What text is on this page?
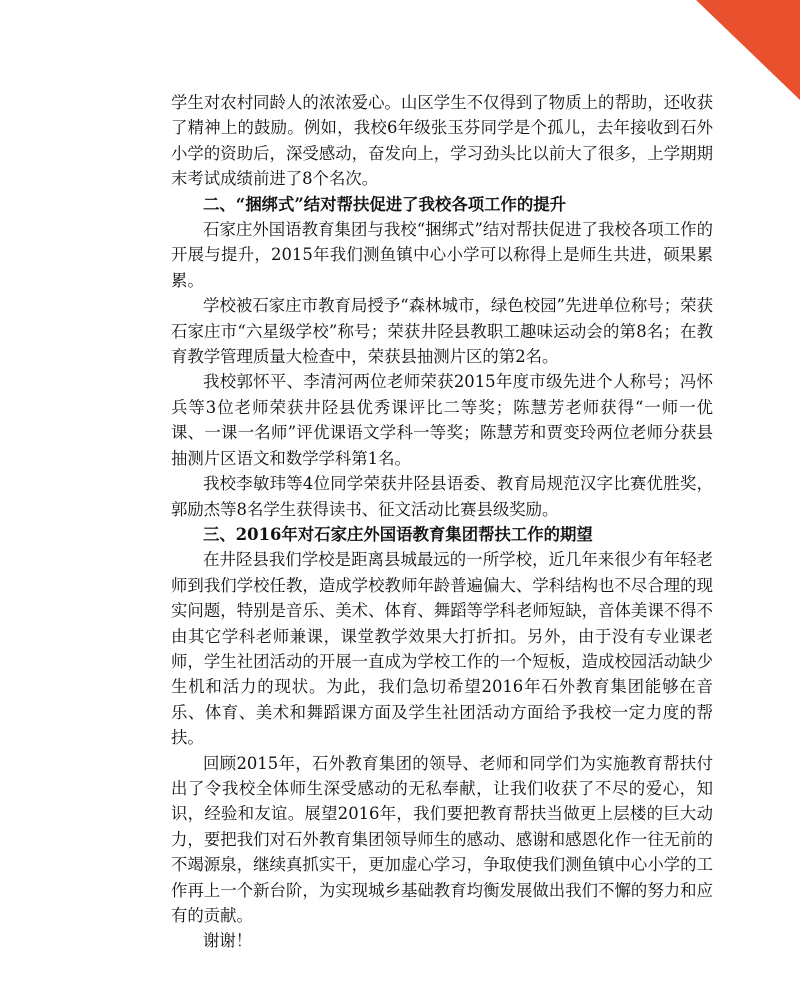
学生对农村同龄人的浓浓爱心。山区学生不仅得到了物质上的帮助，还收获了精神上的鼓励。例如，我校6年级张玉芬同学是个孤儿，去年接收到石外小学的资助后，深受感动，奋发向上，学习劲头比以前大了很多，上学期期末考试成绩前进了8个名次。

二、“捆绑式”结对帮扶促进了我校各项工作的提升

石家庄外国语教育集团与我校“捆绑式”结对帮扶促进了我校各项工作的开展与提升，2015年我们测鱼镇中心小学可以称得上是师生共进，硕果累累。

学校被石家庄市教育局授予“森林城市，绿色校园”先进单位称号；荣获石家庄市“六星级学校”称号；荣获井陉县教职工趣味运动会的第8名；在教育教学管理质量大检查中，荣获县抽测片区的第2名。

我校郭怀平、李清河两位老师荣获2015年度市级先进个人称号；冯怀兵等3位老师荣获井陉县优秀课评比二等奖；陈慧芳老师获得“一师一优课、一课一名师”评优课语文学科一等奖；陈慧芳和贾变玲两位老师分获县抽测片区语文和数学学科第1名。

我校李敏玮等4位同学荣获井陉县语委、教育局规范汉字比赛优胜奖，郭励杰等8名学生获得读书、征文活动比赛县级奖励。

三、2016年对石家庄外国语教育集团帮扶工作的期望

在井陉县我们学校是距离县城最远的一所学校，近几年来很少有年轻老师到我们学校任教，造成学校教师年龄普遍偏大、学科结构也不尽合理的现实问题，特别是音乐、美术、体育、舞蹈等学科老师短缺，音体美课不得不由其它学科老师兼课，课堂教学效果大打折扣。另外，由于没有专业课老师，学生社团活动的开展一直成为学校工作的一个短板，造成校园活动缺少生机和活力的现状。为此，我们急切希望2016年石外教育集团能够在音乐、体育、美术和舞蹈课方面及学生社团活动方面给予我校一定力度的帮扶。

回顾2015年，石外教育集团的领导、老师和同学们为实施教育帮扶付出了令我校全体师生深受感动的无私奉献，让我们收获了不尽的爱心，知识，经验和友谊。展望2016年，我们要把教育帮扶当做更上层楼的巨大动力，要把我们对石外教育集团领导师生的感动、感谢和感恩化作一往无前的不竭源泉，继续真抓实干，更加虚心学习，争取使我们测鱼镇中心小学的工作再上一个新台阶，为实现城乡基础教育均衡发展做出我们不懈的努力和应有的贡献。

谢谢！
